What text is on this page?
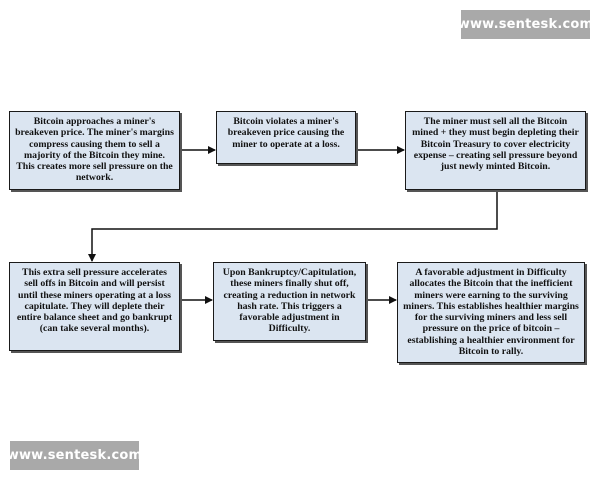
www.sentesk.com
Bitcoin approaches a miner's breakeven price. The miner's margins compress causing them to sell a majority of the Bitcoin they mine. This creates more sell pressure on the network.
Bitcoin violates a miner's breakeven price causing the miner to operate at a loss.
The miner must sell all the Bitcoin mined + they must begin depleting their Bitcoin Treasury to cover electricity expense – creating sell pressure beyond just newly minted Bitcoin.
This extra sell pressure accelerates sell offs in Bitcoin and will persist until these miners operating at a loss capitulate. They will deplete their entire balance sheet and go bankrupt (can take several months).
Upon Bankruptcy/Capitulation, these miners finally shut off, creating a reduction in network hash rate. This triggers a favorable adjustment in Difficulty.
A favorable adjustment in Difficulty allocates the Bitcoin that the inefficient miners were earning to the surviving miners. This establishes healthier margins for the surviving miners and less sell pressure on the price of bitcoin – establishing a healthier environment for Bitcoin to rally.
www.sentesk.com
